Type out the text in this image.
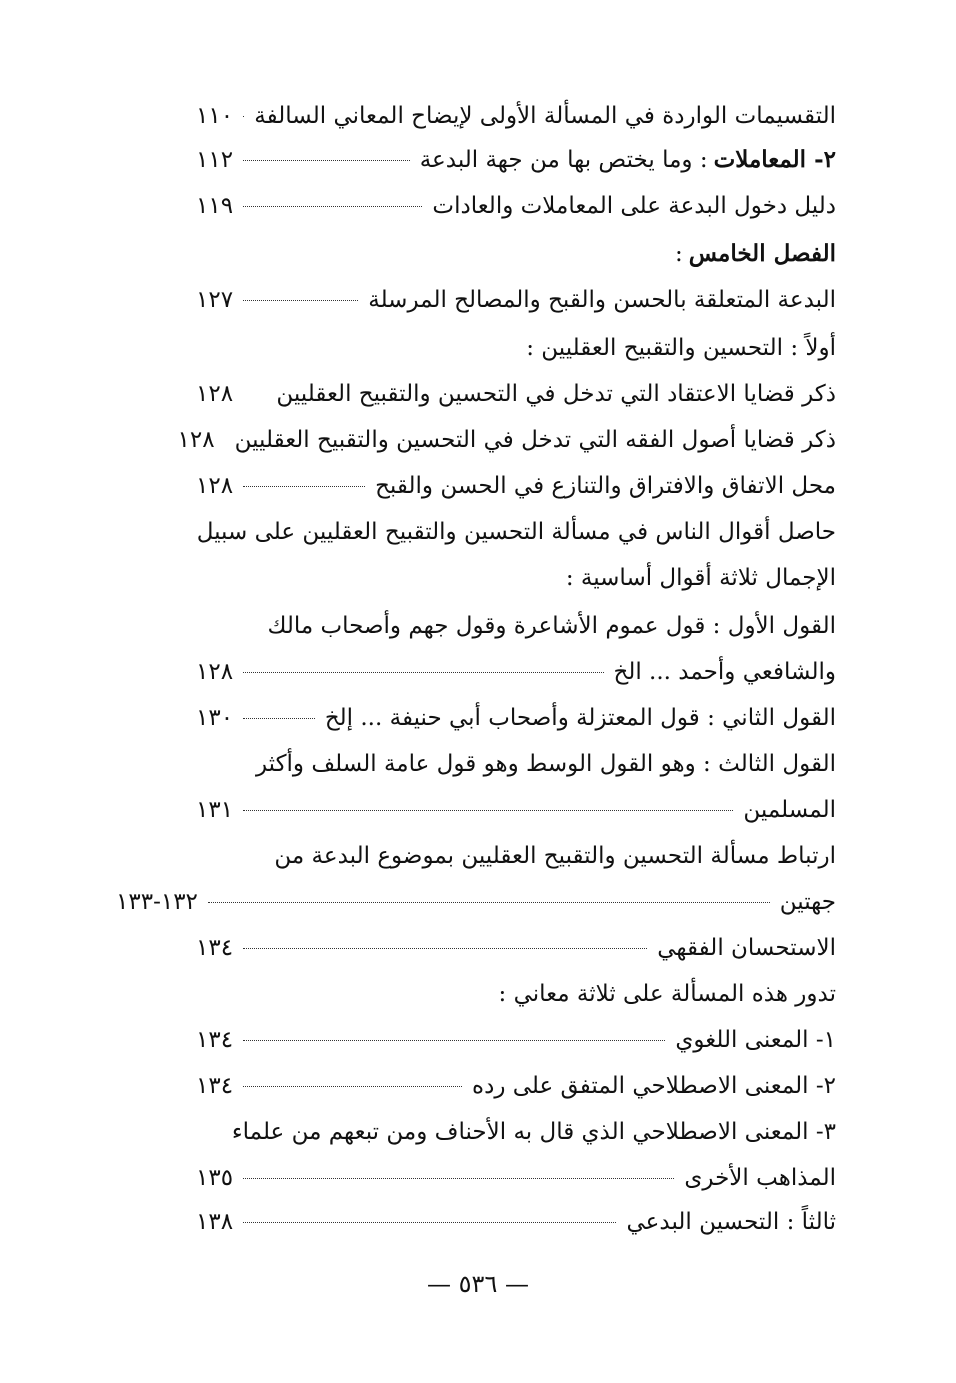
التقسيمات الواردة في المسألة الأولى لإيضاح المعاني السالفة
١١٠
٢- المعاملات
: وما يختص بها من جهة البدعة
١١٢
دليل دخول البدعة على المعاملات والعادات
١١٩
الفصل الخامس
:
البدعة المتعلقة بالحسن والقبح والمصالح المرسلة
١٢٧
أولاً : التحسين والتقبيح العقليين :
ذكر قضايا الاعتقاد التي تدخل في التحسين والتقبيح العقليين
١٢٨
ذكر قضايا أصول الفقه التي تدخل في التحسين والتقبيح العقليين
١٢٨
محل الاتفاق والافتراق والتنازع في الحسن والقبح
١٢٨
حاصل أقوال الناس في مسألة التحسين والتقبيح العقليين على سبيل
الإجمال ثلاثة أقوال أساسية :
القول الأول : قول عموم الأشاعرة وقول جهم وأصحاب مالك
والشافعي وأحمد ... الخ
١٢٨
القول الثاني : قول المعتزلة وأصحاب أبي حنيفة ... إلخ
١٣٠
القول الثالث : وهو القول الوسط وهو قول عامة السلف وأكثر
المسلمين
١٣١
ارتباط مسألة التحسين والتقبيح العقليين بموضوع البدعة من
جهتين
١٣٢-١٣٣
الاستحسان الفقهي
١٣٤
تدور هذه المسألة على ثلاثة معاني :
١- المعنى اللغوي
١٣٤
٢- المعنى الاصطلاحي المتفق على رده
١٣٤
٣- المعنى الاصطلاحي الذي قال به الأحناف ومن تبعهم من علماء
المذاهب الأخرى
١٣٥
ثالثاً : التحسين البدعي
١٣٨
— ٥٣٦ —
